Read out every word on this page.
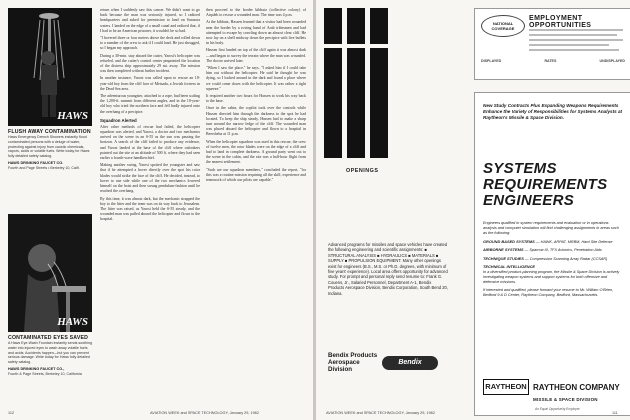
HAWS
FLUSH AWAY CONTAMINATION
Haws Emergency Drench Showers instantly flood contaminated persons with a deluge of water, protecting against injury from caustic chemicals, vapors, acids or volatile fuels. Write today for Haws fully detailed safety catalog.
HAWS DRINKING FAUCET CO.
Fourth and Page Streets • Berkeley 10, Calif.
HAWS
CONTAMINATED EYES SAVED
A Haws Eye-Wash Fountain instantly sends soothing water into injured eyes to wash away volatile fuels and acids. Accidents happen—but you can prevent serious damage. Write today for Haws fully detailed safety catalog.
HAWS DRINKING FAUCET CO.,
Fourth & Page Streets, Berkeley 10, California

return when I suddenly saw this cancer. We didn't want to go back because the man was seriously injured, so I radioed headquarters and asked for permission to land on Sarasota waters. I landed on the edge of a small canal and radioed that, if I had to be an American prisoner, it wouldn't be so bad.

"I hovered three or four meters above the deck and rolled down to a number of the crew to ask if I could land. He just shrugged, so I began my approach.

During a 30-min. stay aboard the cutter, Yarosi's helicopter was refueled, and the cutter's control center pinpointed the location of the distress ship approximately 29 mi. away. The mission was then completed without further incident.

In another instance, Yarosi was called upon to rescue an 18-year-old boy from the cliff face of Metsada, a Jewish fortress in the Dead Sea area.

The adventurous youngster, attached to a rope, had been scaling the 1,200-ft. summit from different angles, and in the 10-year-old boy who tried the northern face and fell badly injured onto the overhang of a precipice.

Squadron Alerted

After other methods of rescue had failed, the helicopter squadron was alerted, and Yarosi, a doctor and two mechanics arrived on the scene in an S-55 as the sun was passing the horizon. A search of the cliff failed to produce any evidence, and Yarosi landed at the base of the cliff where onlookers pointed out the site at an altitude of 500 ft. where they had seen earlier a fourth-wave handkerchief.

Making another swing, Yarosi spotted the youngster and saw that if he attempted a hover directly over the spot his rotor blades would strike the face of the cliff. He decided, instead, to hover to one side while one of the two mechanics lowered himself on the hoist and then swung pendulum-fashion until he reached the overhang.

By this time, it was almost dark, but the mechanic strapped the boy to the litter and the team was on its way back to Jerusalem. The litter was raised, as Yarosi held the S-55 steady, and the wounded man was pulled aboard the helicopter and flown to the hospital.

then proceed to the border kibbutz (collective colony) of Atqaleh to rescue a wounded man. The time was 4 p.m.

At the kibbutz, Hassen learned that a visitor had been wounded near the border by a roving band of Arab tribesmen and had attempted to escape by crawling down an almost clear cliff. He now lay on a shelf midway down the precipice with five bullets in his body.

Hassen first landed on top of the cliff again it was almost dark—and began to survey the terrain where the man was wounded. The doctor arrived later.

"When I saw the place," he says, "I asked him if I could take him out without the helicopter. He said he thought he was dying, so I looked around in the dark and found a place where we could come down with the helicopter. It was rather a tight squeeze."

It required another two hours for Hassen to work his way back to the base.

Once in the cabin, the copilot took over the controls while Hassen directed him through the darkness to the spot he had located. To keep the ship steady, Hassen had to make a sharp turn around the narrow ledge of the cliff. The wounded man was placed aboard the helicopter and flown to a hospital in Beersheba at 11 p.m.

When the helicopter squadron was used in this rescue, the crew of twelve men, the rotor blades were on the edge of a cliff and had to land in complete darkness. A ground party went out to the scene in the cabin, and the site was a half-hour flight from the nearest settlement.

"Such are our squadron members," concluded the report, "for this was a routine mission requiring all the skill, experience and teamwork of which our pilots are capable."

112	AVIATION WEEK and SPACE TECHNOLOGY, January 29, 1962
OPENINGS
Advanced programs for missiles and space vehicles have created the following engineering and scientific assignments: ■ STRUCTURAL ANALYSIS ■ HYDRAULICS ■ MATERIALS ■ SUPPLY ■ PROPULSION EQUIPMENT. Many other openings exist for engineers (B.S., M.S. or Ph.D. degrees, with minimum of five years' experience). Local area offers opportunity for advanced study. For prompt and personal reply send resume to: Frank G. Couens, Jr., Salaried Personnel, Department A-1, Bendix Products Aerospace Division, Bendix Corporation, South Bend 20, Indiana.
Bendix Products Aerospace Division
Bendix
NATIONAL COVERAGE
EMPLOYMENT OPPORTUNITIES
DISPLAYED	RATES	UNDISPLAYED
New Study Contracts Plus Expanding Weapons Requirements Enhance the Variety of Responsibilities for Systems Analysts at Raytheon's Missile & Space Division.
SYSTEMS
REQUIREMENTS
ENGINEERS
Engineers qualified in system requirements and evaluation or in operations analysis and computer simulation will find challenging assignments in areas such as the following:
GROUND BASED SYSTEMS — HAWK, ARPAT, MRBM, Hard Site Defense
AIRBORNE SYSTEMS — Sparrow III, TFX Avionics, Penetration Aids
TECHNIQUE STUDIES — Compression Scanning Array Radar (CCSAR)
TECHNICAL INTELLIGENCE
In a diversified product-planning program, the Missile & Space Division is actively investigating weapon systems and support systems for both offensive and defensive missions.
If interested and qualified, please forward your resume to Mr. William O'Brien, Bedford 9 & D Center, Raytheon Company, Bedford, Massachusetts.
RAYTHEON RAYTHEON COMPANY
MISSILE & SPACE DIVISION
An Equal Opportunity Employer
AVIATION WEEK and SPACE TECHNOLOGY, January 29, 1962	111
